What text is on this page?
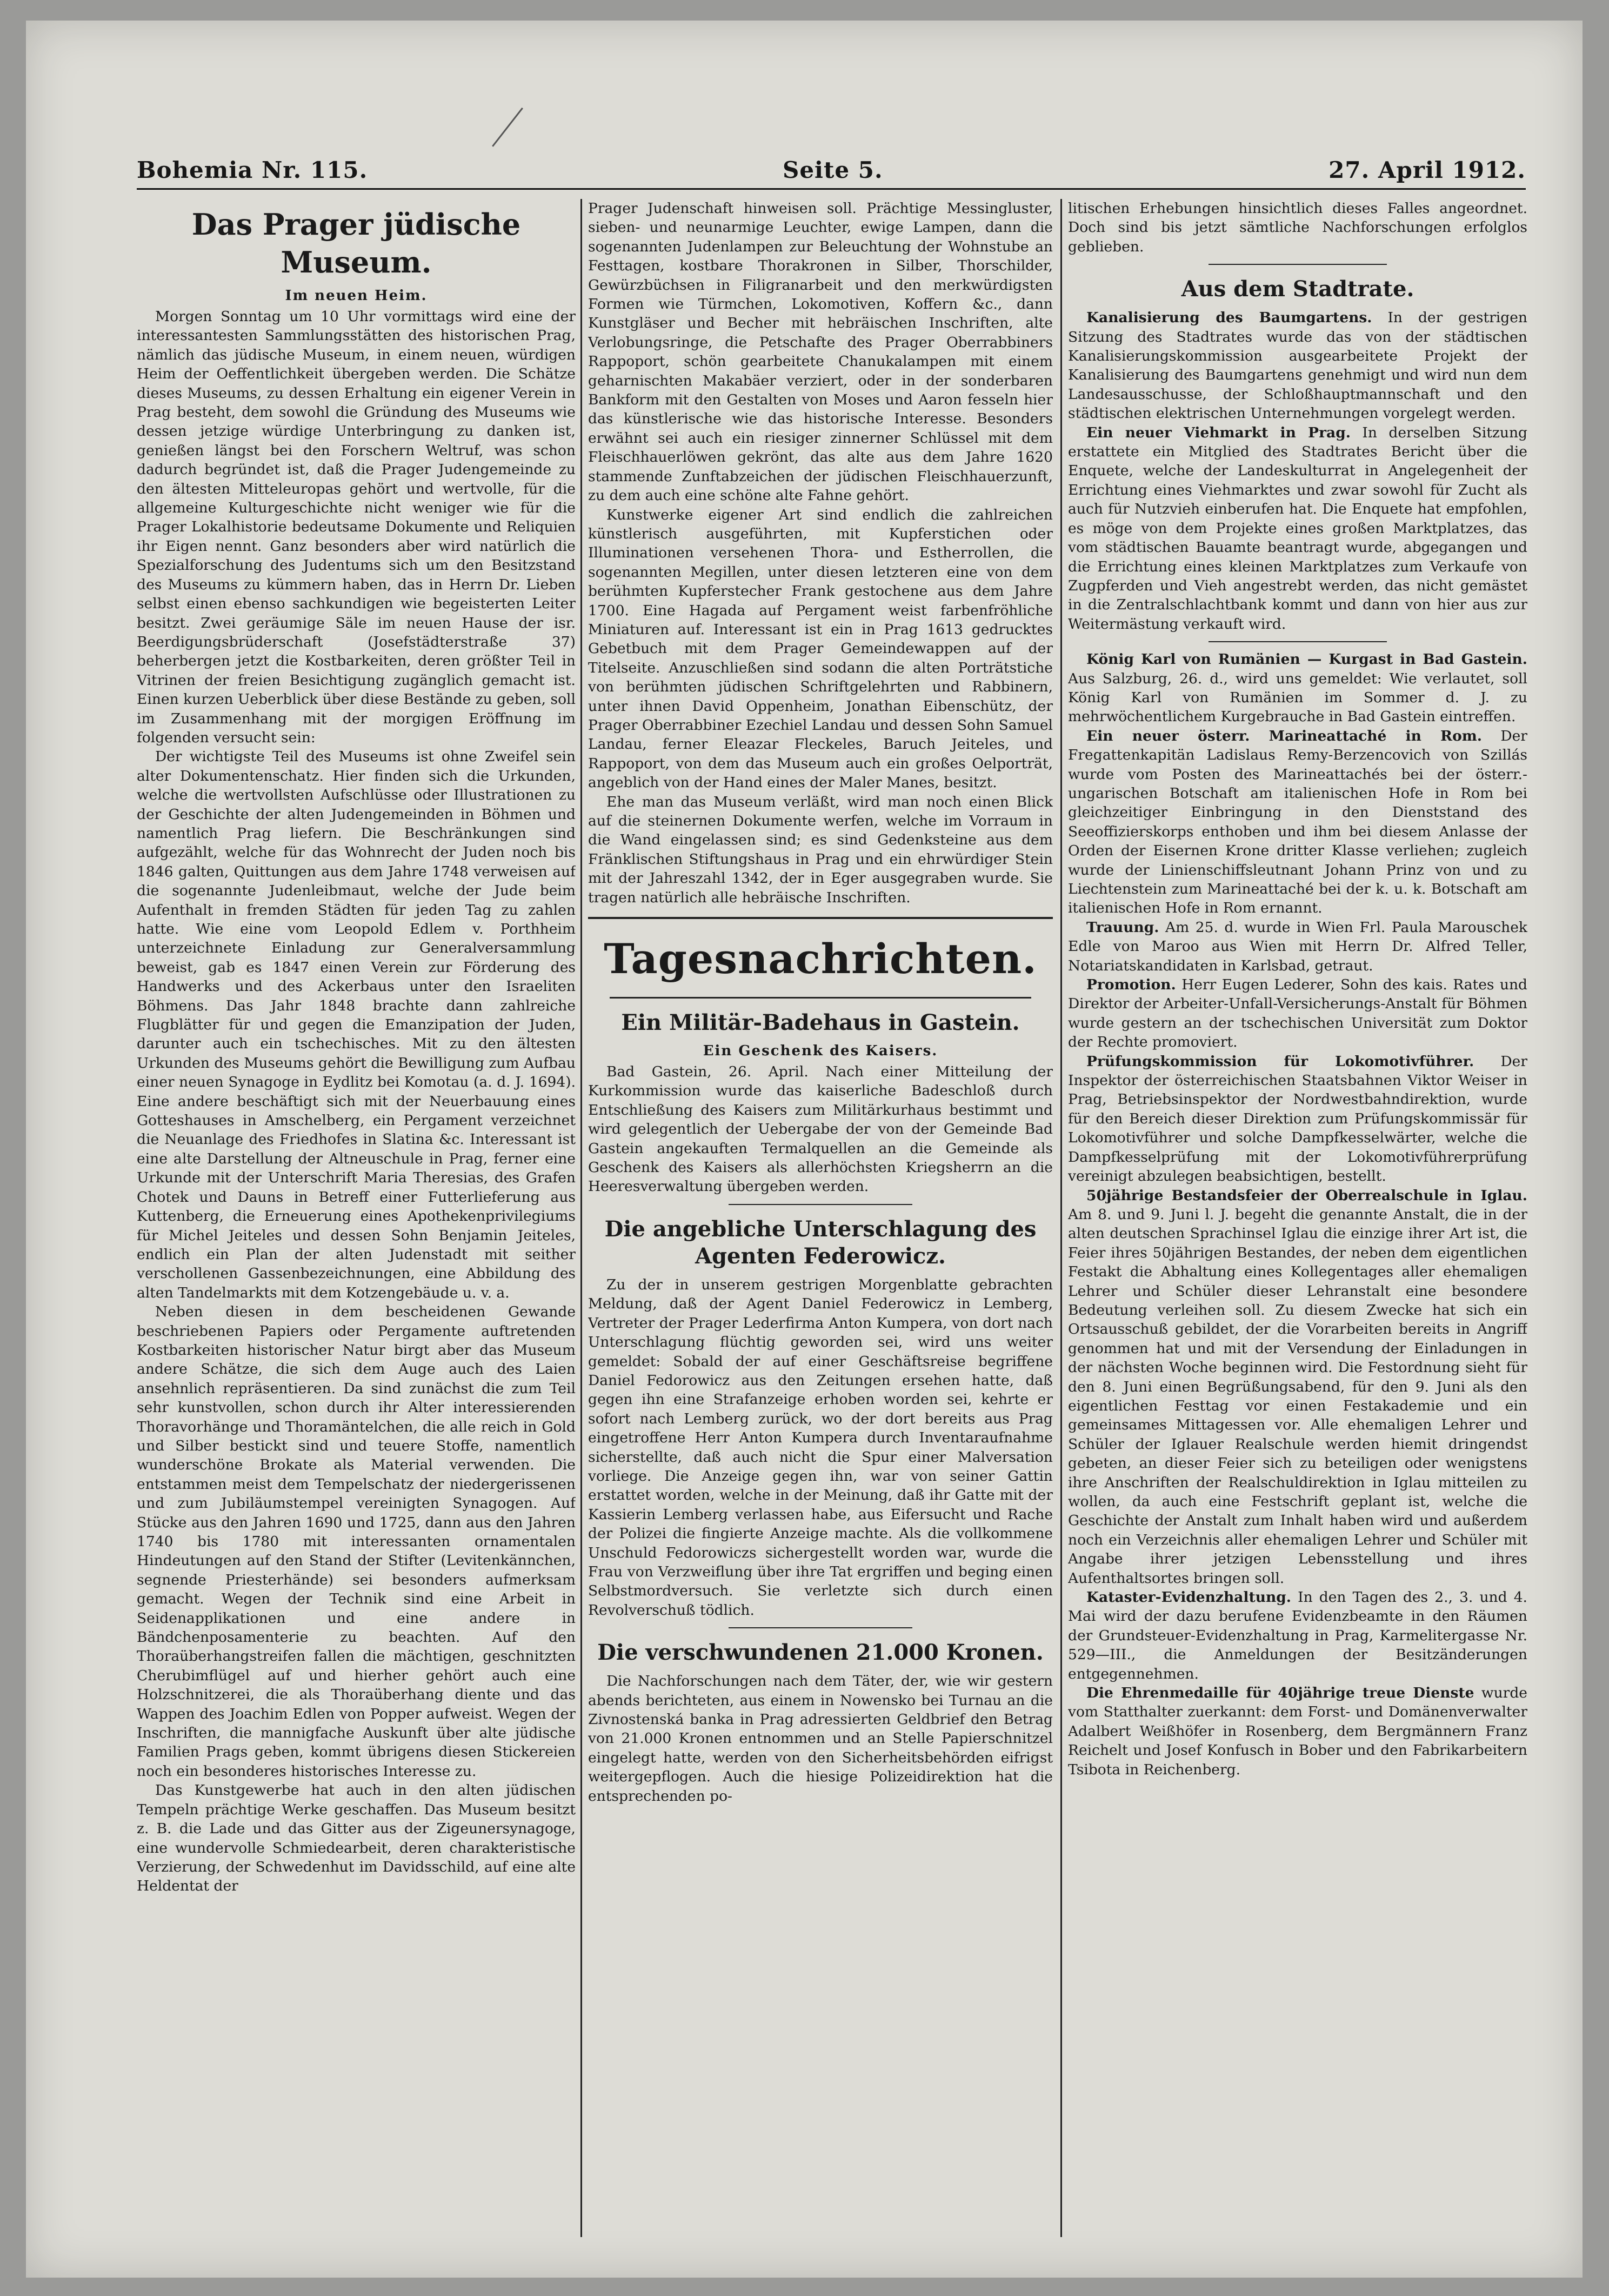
Bohemia Nr. 115.	Seite 5.	27. April 1912.
Das Prager jüdische Museum.
Im neuen Heim.

Morgen Sonntag um 10 Uhr vormittags wird eine der interessantesten Sammlungsstätten des historischen Prag, nämlich das jüdische Museum, in einem neuen, würdigen Heim der Oeffentlichkeit übergeben werden. Die Schätze dieses Museums, zu dessen Erhaltung ein eigener Verein in Prag besteht, dem sowohl die Gründung des Museums wie dessen jetzige würdige Unterbringung zu danken ist, genießen längst bei den Forschern Weltruf, was schon dadurch begründet ist, daß die Prager Judengemeinde zu den ältesten Mitteleuropas gehört und wertvolle, für die allgemeine Kulturgeschichte nicht weniger wie für die Prager Lokalhistorie bedeutsame Dokumente und Reliquien ihr Eigen nennt. Ganz besonders aber wird natürlich die Spezialforschung des Judentums sich um den Besitzstand des Museums zu kümmern haben, das in Herrn Dr. Lieben selbst einen ebenso sachkundigen wie begeisterten Leiter besitzt. Zwei geräumige Säle im neuen Hause der isr. Beerdigungsbrüderschaft (Josefstädterstraße 37) beherbergen jetzt die Kostbarkeiten, deren größter Teil in Vitrinen der freien Besichtigung zugänglich gemacht ist. Einen kurzen Ueberblick über diese Bestände zu geben, soll im Zusammenhang mit der morgigen Eröffnung im folgenden versucht sein:

Der wichtigste Teil des Museums ist ohne Zweifel sein alter Dokumentenschatz. Hier finden sich die Urkunden, welche die wertvollsten Aufschlüsse oder Illustrationen zu der Geschichte der alten Judengemeinden in Böhmen und namentlich Prag liefern. Die Beschränkungen sind aufgezählt, welche für das Wohnrecht der Juden noch bis 1846 galten, Quittungen aus dem Jahre 1748 verweisen auf die sogenannte Judenleibmaut, welche der Jude beim Aufenthalt in fremden Städten für jeden Tag zu zahlen hatte. Wie eine vom Leopold Edlem v. Porthheim unterzeichnete Einladung zur Generalversammlung beweist, gab es 1847 einen Verein zur Förderung des Handwerks und des Ackerbaus unter den Israeliten Böhmens. Das Jahr 1848 brachte dann zahlreiche Flugblätter für und gegen die Emanzipation der Juden, darunter auch ein tschechisches. Mit zu den ältesten Urkunden des Museums gehört die Bewilligung zum Aufbau einer neuen Synagoge in Eydlitz bei Komotau (a. d. J. 1694). Eine andere beschäftigt sich mit der Neuerbauung eines Gotteshauses in Amschelberg, ein Pergament verzeichnet die Neuanlage des Friedhofes in Slatina &c. Interessant ist eine alte Darstellung der Altneuschule in Prag, ferner eine Urkunde mit der Unterschrift Maria Theresias, des Grafen Chotek und Dauns in Betreff einer Futterlieferung aus Kuttenberg, die Erneuerung eines Apothekenprivilegiums für Michel Jeiteles und dessen Sohn Benjamin Jeiteles, endlich ein Plan der alten Judenstadt mit seither verschollenen Gassenbezeichnungen, eine Abbildung des alten Tandelmarkts mit dem Kotzengebäude u. v. a.

Neben diesen in dem bescheidenen Gewande beschriebenen Papiers oder Pergamente auftretenden Kostbarkeiten historischer Natur birgt aber das Museum andere Schätze, die sich dem Auge auch des Laien ansehnlich repräsentieren. Da sind zunächst die zum Teil sehr kunstvollen, schon durch ihr Alter interessierenden Thoravorhänge und Thoramäntelchen, die alle reich in Gold und Silber bestickt sind und teuere Stoffe, namentlich wunderschöne Brokate als Material verwenden. Die entstammen meist dem Tempelschatz der niedergerissenen und zum Jubiläumstempel vereinigten Synagogen. Auf Stücke aus den Jahren 1690 und 1725, dann aus den Jahren 1740 bis 1780 mit interessanten ornamentalen Hindeutungen auf den Stand der Stifter (Levitenkännchen, segnende Priesterhände) sei besonders aufmerksam gemacht. Wegen der Technik sind eine Arbeit in Seidenapplikationen und eine andere in Bändchenposamenterie zu beachten. Auf den Thoraüberhangstreifen fallen die mächtigen, geschnitzten Cherubimflügel auf und hierher gehört auch eine Holzschnitzerei, die als Thoraüberhang diente und das Wappen des Joachim Edlen von Popper aufweist. Wegen der Inschriften, die mannigfache Auskunft über alte jüdische Familien Prags geben, kommt übrigens diesen Stickereien noch ein besonderes historisches Interesse zu.

Das Kunstgewerbe hat auch in den alten jüdischen Tempeln prächtige Werke geschaffen. Das Museum besitzt z. B. die Lade und das Gitter aus der Zigeunersynagoge, eine wundervolle Schmiedearbeit, deren charakteristische Verzierung, der Schwedenhut im Davidsschild, auf eine alte Heldentat der

Prager Judenschaft hinweisen soll. Prächtige Messingluster, sieben- und neunarmige Leuchter, ewige Lampen, dann die sogenannten Judenlampen zur Beleuchtung der Wohnstube an Festtagen, kostbare Thorakronen in Silber, Thorschilder, Gewürzbüchsen in Filigranarbeit und den merkwürdigsten Formen wie Türmchen, Lokomotiven, Koffern &c., dann Kunstgläser und Becher mit hebräischen Inschriften, alte Verlobungsringe, die Petschafte des Prager Oberrabbiners Rappoport, schön gearbeitete Chanukalampen mit einem geharnischten Makabäer verziert, oder in der sonderbaren Bankform mit den Gestalten von Moses und Aaron fesseln hier das künstlerische wie das historische Interesse. Besonders erwähnt sei auch ein riesiger zinnerner Schlüssel mit dem Fleischhauerlöwen gekrönt, das alte aus dem Jahre 1620 stammende Zunftabzeichen der jüdischen Fleischhauerzunft, zu dem auch eine schöne alte Fahne gehört.

Kunstwerke eigener Art sind endlich die zahlreichen künstlerisch ausgeführten, mit Kupferstichen oder Illuminationen versehenen Thora- und Estherrollen, die sogenannten Megillen, unter diesen letzteren eine von dem berühmten Kupferstecher Frank gestochene aus dem Jahre 1700. Eine Hagada auf Pergament weist farbenfröhliche Miniaturen auf. Interessant ist ein in Prag 1613 gedrucktes Gebetbuch mit dem Prager Gemeindewappen auf der Titelseite. Anzuschließen sind sodann die alten Porträtstiche von berühmten jüdischen Schriftgelehrten und Rabbinern, unter ihnen David Oppenheim, Jonathan Eibenschütz, der Prager Oberrabbiner Ezechiel Landau und dessen Sohn Samuel Landau, ferner Eleazar Fleckeles, Baruch Jeiteles, und Rappoport, von dem das Museum auch ein großes Oelporträt, angeblich von der Hand eines der Maler Manes, besitzt.

Ehe man das Museum verläßt, wird man noch einen Blick auf die steinernen Dokumente werfen, welche im Vorraum in die Wand eingelassen sind; es sind Gedenksteine aus dem Fränklischen Stiftungshaus in Prag und ein ehrwürdiger Stein mit der Jahreszahl 1342, der in Eger ausgegraben wurde. Sie tragen natürlich alle hebräische Inschriften.

Tagesnachrichten.
Ein Militär-Badehaus in Gastein.
Ein Geschenk des Kaisers.

Bad Gastein, 26. April. Nach einer Mitteilung der Kurkommission wurde das kaiserliche Badeschloß durch Entschließung des Kaisers zum Militärkurhaus bestimmt und wird gelegentlich der Uebergabe der von der Gemeinde Bad Gastein angekauften Termalquellen an die Gemeinde als Geschenk des Kaisers als allerhöchsten Kriegsherrn an die Heeresverwaltung übergeben werden.

Die angebliche Unterschlagung des Agenten Federowicz.

Zu der in unserem gestrigen Morgenblatte gebrachten Meldung, daß der Agent Daniel Federowicz in Lemberg, Vertreter der Prager Lederfirma Anton Kumpera, von dort nach Unterschlagung flüchtig geworden sei, wird uns weiter gemeldet: Sobald der auf einer Geschäftsreise begriffene Daniel Fedorowicz aus den Zeitungen ersehen hatte, daß gegen ihn eine Strafanzeige erhoben worden sei, kehrte er sofort nach Lemberg zurück, wo der dort bereits aus Prag eingetroffene Herr Anton Kumpera durch Inventaraufnahme sicherstellte, daß auch nicht die Spur einer Malversation vorliege. Die Anzeige gegen ihn, war von seiner Gattin erstattet worden, welche in der Meinung, daß ihr Gatte mit der Kassierin Lemberg verlassen habe, aus Eifersucht und Rache der Polizei die fingierte Anzeige machte. Als die vollkommene Unschuld Fedorowiczs sichergestellt worden war, wurde die Frau von Verzweiflung über ihre Tat ergriffen und beging einen Selbstmordversuch. Sie verletzte sich durch einen Revolverschuß tödlich.

Die verschwundenen 21.000 Kronen.

Die Nachforschungen nach dem Täter, der, wie wir gestern abends berichteten, aus einem in Nowensko bei Turnau an die Zivnostenská banka in Prag adressierten Geldbrief den Betrag von 21.000 Kronen entnommen und an Stelle Papierschnitzel eingelegt hatte, werden von den Sicherheitsbehörden eifrigst weitergepflogen. Auch die hiesige Polizeidirektion hat die entsprechenden po-

litischen Erhebungen hinsichtlich dieses Falles angeordnet. Doch sind bis jetzt sämtliche Nachforschungen erfolglos geblieben.

Aus dem Stadtrate.

Kanalisierung des Baumgartens. In der gestrigen Sitzung des Stadtrates wurde das von der städtischen Kanalisierungskommission ausgearbeitete Projekt der Kanalisierung des Baumgartens genehmigt und wird nun dem Landesausschusse, der Schloßhauptmannschaft und den städtischen elektrischen Unternehmungen vorgelegt werden.

Ein neuer Viehmarkt in Prag. In derselben Sitzung erstattete ein Mitglied des Stadtrates Bericht über die Enquete, welche der Landeskulturrat in Angelegenheit der Errichtung eines Viehmarktes und zwar sowohl für Zucht als auch für Nutzvieh einberufen hat. Die Enquete hat empfohlen, es möge von dem Projekte eines großen Marktplatzes, das vom städtischen Bauamte beantragt wurde, abgegangen und die Errichtung eines kleinen Marktplatzes zum Verkaufe von Zugpferden und Vieh angestrebt werden, das nicht gemästet in die Zentralschlachtbank kommt und dann von hier aus zur Weitermästung verkauft wird.

König Karl von Rumänien — Kurgast in Bad Gastein. Aus Salzburg, 26. d., wird uns gemeldet: Wie verlautet, soll König Karl von Rumänien im Sommer d. J. zu mehrwöchentlichem Kurgebrauche in Bad Gastein eintreffen.

Ein neuer österr. Marineattaché in Rom. Der Fregattenkapitän Ladislaus Remy-Berzencovich von Szillás wurde vom Posten des Marineattachés bei der österr.-ungarischen Botschaft am italienischen Hofe in Rom bei gleichzeitiger Einbringung in den Dienststand des Seeoffizierskorps enthoben und ihm bei diesem Anlasse der Orden der Eisernen Krone dritter Klasse verliehen; zugleich wurde der Linienschiffsleutnant Johann Prinz von und zu Liechtenstein zum Marineattaché bei der k. u. k. Botschaft am italienischen Hofe in Rom ernannt.

Trauung. Am 25. d. wurde in Wien Frl. Paula Marouschek Edle von Maroo aus Wien mit Herrn Dr. Alfred Teller, Notariatskandidaten in Karlsbad, getraut.

Promotion. Herr Eugen Lederer, Sohn des kais. Rates und Direktor der Arbeiter-Unfall-Versicherungs-Anstalt für Böhmen wurde gestern an der tschechischen Universität zum Doktor der Rechte promoviert.

Prüfungskommission für Lokomotivführer. Der Inspektor der österreichischen Staatsbahnen Viktor Weiser in Prag, Betriebsinspektor der Nordwestbahndirektion, wurde für den Bereich dieser Direktion zum Prüfungskommissär für Lokomotivführer und solche Dampfkesselwärter, welche die Dampfkesselprüfung mit der Lokomotivführerprüfung vereinigt abzulegen beabsichtigen, bestellt.

50jährige Bestandsfeier der Oberrealschule in Iglau. Am 8. und 9. Juni l. J. begeht die genannte Anstalt, die in der alten deutschen Sprachinsel Iglau die einzige ihrer Art ist, die Feier ihres 50jährigen Bestandes, der neben dem eigentlichen Festakt die Abhaltung eines Kollegentages aller ehemaligen Lehrer und Schüler dieser Lehranstalt eine besondere Bedeutung verleihen soll. Zu diesem Zwecke hat sich ein Ortsausschuß gebildet, der die Vorarbeiten bereits in Angriff genommen hat und mit der Versendung der Einladungen in der nächsten Woche beginnen wird. Die Festordnung sieht für den 8. Juni einen Begrüßungsabend, für den 9. Juni als den eigentlichen Festtag vor einen Festakademie und ein gemeinsames Mittagessen vor. Alle ehemaligen Lehrer und Schüler der Iglauer Realschule werden hiemit dringendst gebeten, an dieser Feier sich zu beteiligen oder wenigstens ihre Anschriften der Realschuldirektion in Iglau mitteilen zu wollen, da auch eine Festschrift geplant ist, welche die Geschichte der Anstalt zum Inhalt haben wird und außerdem noch ein Verzeichnis aller ehemaligen Lehrer und Schüler mit Angabe ihrer jetzigen Lebensstellung und ihres Aufenthaltsortes bringen soll.

Kataster-Evidenzhaltung. In den Tagen des 2., 3. und 4. Mai wird der dazu berufene Evidenzbeamte in den Räumen der Grundsteuer-Evidenzhaltung in Prag, Karmelitergasse Nr. 529—III., die Anmeldungen der Besitzänderungen entgegennehmen.

Die Ehrenmedaille für 40jährige treue Dienste wurde vom Statthalter zuerkannt: dem Forst- und Domänenverwalter Adalbert Weißhöfer in Rosenberg, dem Bergmännern Franz Reichelt und Josef Konfusch in Bober und den Fabrikarbeitern Tsibota in Reichenberg.
